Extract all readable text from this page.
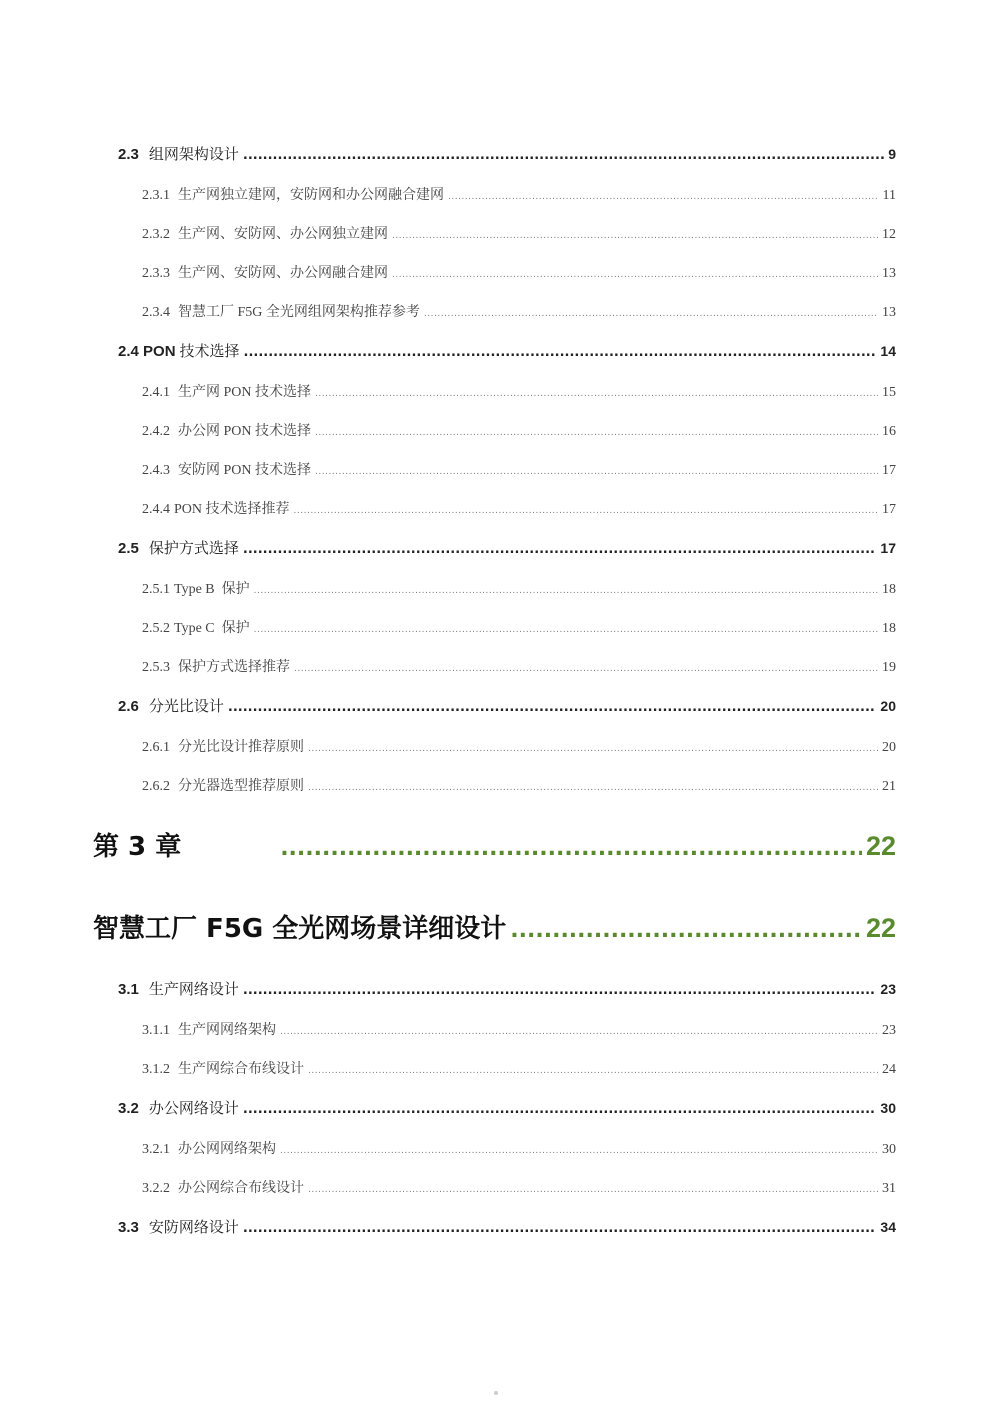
2.3 组网架构设计 .....	9
2.3.1 生产网独立建网，安防网和办公网融合建网 .....	11
2.3.2 生产网、安防网、办公网独立建网 .....	12
2.3.3 生产网、安防网、办公网融合建网 .....	13
2.3.4 智慧工厂 F5G 全光网组网架构推荐参考 .....	13
2.4 PON 技术选择 .....	14
2.4.1 生产网 PON 技术选择 .....	15
2.4.2 办公网 PON 技术选择 .....	16
2.4.3 安防网 PON 技术选择 .....	17
2.4.4 PON 技术选择推荐 .....	17
2.5 保护方式选择 .....	17
2.5.1 Type B  保护 .....	18
2.5.2 Type C  保护 .....	18
2.5.3 保护方式选择推荐 .....	19
2.6 分光比设计 .....	20
2.6.1 分光比设计推荐原则 .....	20
2.6.2 分光器选型推荐原则 .....	21
第 3 章 .....	22
智慧工厂 F5G 全光网场景详细设计 .....	22
3.1 生产网络设计 .....	23
3.1.1 生产网网络架构 .....	23
3.1.2 生产网综合布线设计 .....	24
3.2 办公网络设计 .....	30
3.2.1 办公网网络架构 .....	30
3.2.2 办公网综合布线设计 .....	31
3.3 安防网络设计 .....	34
